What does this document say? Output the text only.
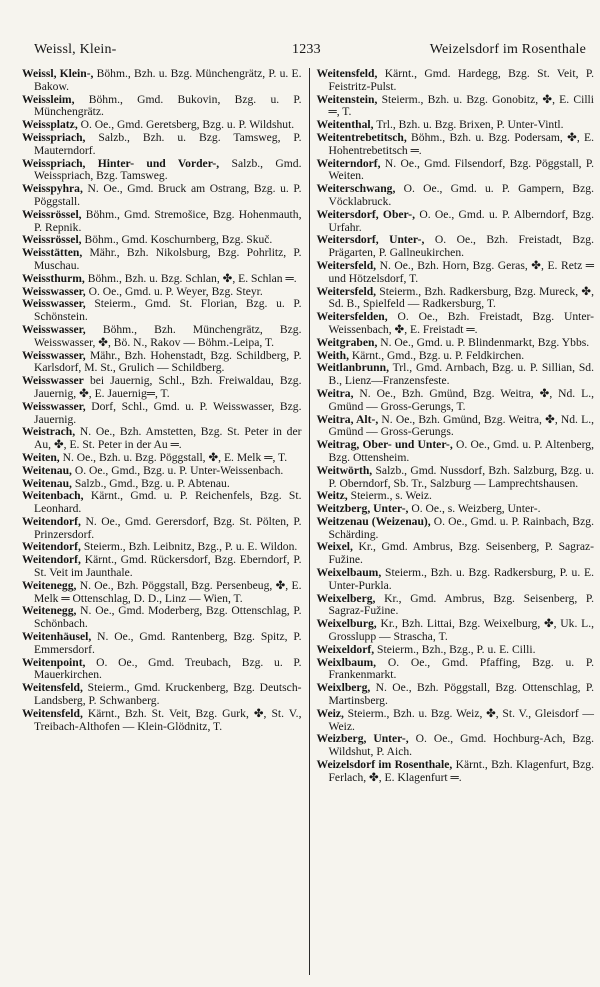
Weissl, Klein-	1233	Weizelsdorf im Rosenthale

Weissl, Klein-, Böhm., Bzh. u. Bzg. Münchengrätz, P. u. E. Bakow.

Weissleim, Böhm., Gmd. Bukovin, Bzg. u. P. Münchengrätz.

Weissplatz, O. Oe., Gmd. Geretsberg, Bzg. u. P. Wildshut.

Weisspriach, Salzb., Bzh. u. Bzg. Tamsweg, P. Mauterndorf.

Weisspriach, Hinter- und Vorder-, Salzb., Gmd. Weisspriach, Bzg. Tamsweg.

Weisspyhra, N. Oe., Gmd. Bruck am Ostrang, Bzg. u. P. Pöggstall.

Weissrössel, Böhm., Gmd. Stremošice, Bzg. Hohenmauth, P. Repnik.

Weissrössel, Böhm., Gmd. Koschurnberg, Bzg. Skuč.

Weisstätten, Mähr., Bzh. Nikolsburg, Bzg. Pohrlitz, P. Muschau.

Weissthurm, Böhm., Bzh. u. Bzg. Schlan, ✤, E. Schlan ═.

Weisswasser, O. Oe., Gmd. u. P. Weyer, Bzg. Steyr.

Weisswasser, Steierm., Gmd. St. Florian, Bzg. u. P. Schönstein.

Weisswasser, Böhm., Bzh. Münchengrätz, Bzg. Weisswasser, ✤, Bö. N., Rakov — Böhm.-Leipa, T.

Weisswasser, Mähr., Bzh. Hohenstadt, Bzg. Schildberg, P. Karlsdorf, M. St., Grulich — Schildberg.

Weisswasser bei Jauernig, Schl., Bzh. Freiwaldau, Bzg. Jauernig, ✤, E. Jauernig═, T.

Weisswasser, Dorf, Schl., Gmd. u. P. Weisswasser, Bzg. Jauernig.

Weistrach, N. Oe., Bzh. Amstetten, Bzg. St. Peter in der Au, ✤, E. St. Peter in der Au ═.

Weiten, N. Oe., Bzh. u. Bzg. Pöggstall, ✤, E. Melk ═, T.

Weitenau, O. Oe., Gmd., Bzg. u. P. Unter-Weissenbach.

Weitenau, Salzb., Gmd., Bzg. u. P. Abtenau.

Weitenbach, Kärnt., Gmd. u. P. Reichenfels, Bzg. St. Leonhard.

Weitendorf, N. Oe., Gmd. Gerersdorf, Bzg. St. Pölten, P. Prinzersdorf.

Weitendorf, Steierm., Bzh. Leibnitz, Bzg., P. u. E. Wildon.

Weitendorf, Kärnt., Gmd. Rückersdorf, Bzg. Eberndorf, P. St. Veit im Jaunthale.

Weitenegg, N. Oe., Bzh. Pöggstall, Bzg. Persenbeug, ✤, E. Melk ═ Ottenschlag, D. D., Linz — Wien, T.

Weitenegg, N. Oe., Gmd. Moderberg, Bzg. Ottenschlag, P. Schönbach.

Weitenhäusel, N. Oe., Gmd. Rantenberg, Bzg. Spitz, P. Emmersdorf.

Weitenpoint, O. Oe., Gmd. Treubach, Bzg. u. P. Mauerkirchen.

Weitensfeld, Steierm., Gmd. Kruckenberg, Bzg. Deutsch-Landsberg, P. Schwanberg.

Weitensfeld, Kärnt., Bzh. St. Veit, Bzg. Gurk, ✤, St. V., Treibach-Althofen — Klein-Glödnitz, T.

Weitensfeld, Kärnt., Gmd. Hardegg, Bzg. St. Veit, P. Feistritz-Pulst.

Weitenstein, Steierm., Bzh. u. Bzg. Gonobitz, ✤, E. Cilli ═, T.

Weitenthal, Trl., Bzh. u. Bzg. Brixen, P. Unter-Vintl.

Weitentrebetitsch, Böhm., Bzh. u. Bzg. Podersam, ✤, E. Hohentrebetitsch ═.

Weiterndorf, N. Oe., Gmd. Filsendorf, Bzg. Pöggstall, P. Weiten.

Weiterschwang, O. Oe., Gmd. u. P. Gampern, Bzg. Vöcklabruck.

Weitersdorf, Ober-, O. Oe., Gmd. u. P. Alberndorf, Bzg. Urfahr.

Weitersdorf, Unter-, O. Oe., Bzh. Freistadt, Bzg. Prägarten, P. Gallneukirchen.

Weitersfeld, N. Oe., Bzh. Horn, Bzg. Geras, ✤, E. Retz ═ und Hötzelsdorf, T.

Weitersfeld, Steierm., Bzh. Radkersburg, Bzg. Mureck, ✤, Sd. B., Spielfeld — Radkersburg, T.

Weitersfelden, O. Oe., Bzh. Freistadt, Bzg. Unter-Weissenbach, ✤, E. Freistadt ═.

Weitgraben, N. Oe., Gmd. u. P. Blindenmarkt, Bzg. Ybbs.

Weith, Kärnt., Gmd., Bzg. u. P. Feldkirchen.

Weitlanbrunn, Trl., Gmd. Arnbach, Bzg. u. P. Sillian, Sd. B., Lienz—Franzensfeste.

Weitra, N. Oe., Bzh. Gmünd, Bzg. Weitra, ✤, Nd. L., Gmünd — Gross-Gerungs, T.

Weitra, Alt-, N. Oe., Bzh. Gmünd, Bzg. Weitra, ✤, Nd. L., Gmünd — Gross-Gerungs.

Weitrag, Ober- und Unter-, O. Oe., Gmd. u. P. Altenberg, Bzg. Ottensheim.

Weitwörth, Salzb., Gmd. Nussdorf, Bzh. Salzburg, Bzg. u. P. Oberndorf, Sb. Tr., Salzburg — Lamprechtshausen.

Weitz, Steierm., s. Weiz.

Weitzberg, Unter-, O. Oe., s. Weizberg, Unter-.

Weitzenau (Weizenau), O. Oe., Gmd. u. P. Rainbach, Bzg. Schärding.

Weixel, Kr., Gmd. Ambrus, Bzg. Seisenberg, P. Sagraz-Fužine.

Weixelbaum, Steierm., Bzh. u. Bzg. Radkersburg, P. u. E. Unter-Purkla.

Weixelberg, Kr., Gmd. Ambrus, Bzg. Seisenberg, P. Sagraz-Fužine.

Weixelburg, Kr., Bzh. Littai, Bzg. Weixelburg, ✤, Uk. L., Grosslupp — Straschа, T.

Weixeldorf, Steierm., Bzh., Bzg., P. u. E. Cilli.

Weixlbaum, O. Oe., Gmd. Pfaffing, Bzg. u. P. Frankenmarkt.

Weixlberg, N. Oe., Bzh. Pöggstall, Bzg. Ottenschlag, P. Martinsberg.

Weiz, Steierm., Bzh. u. Bzg. Weiz, ✤, St. V., Gleisdorf — Weiz.

Weizberg, Unter-, O. Oe., Gmd. Hochburg-Ach, Bzg. Wildshut, P. Aich.

Weizelsdorf im Rosenthale, Kärnt., Bzh. Klagenfurt, Bzg. Ferlach, ✤, E. Klagenfurt ═.
